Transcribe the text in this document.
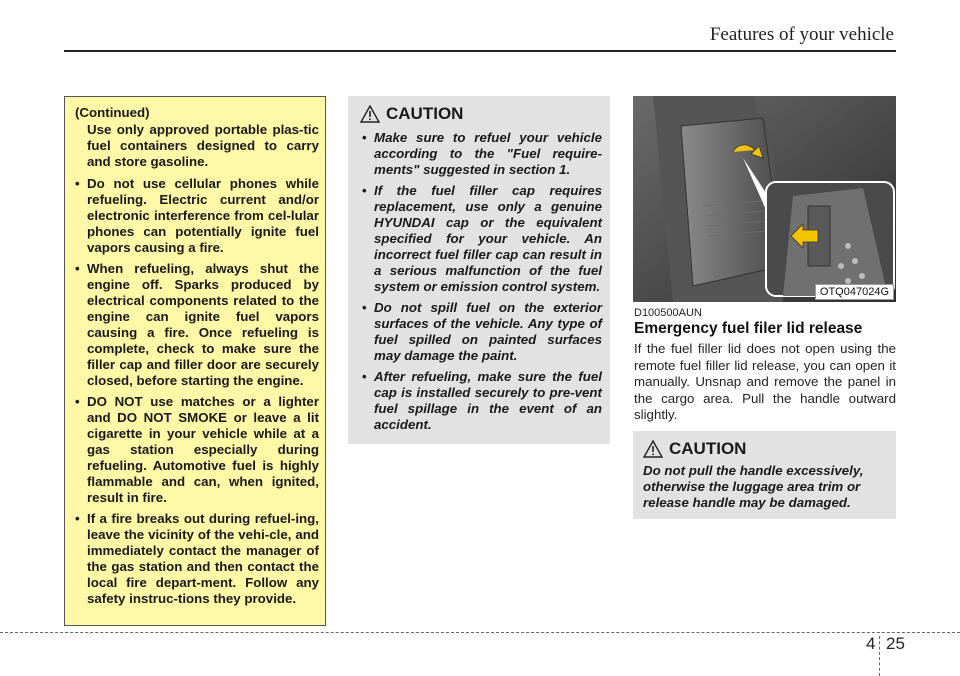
Features of your vehicle
(Continued)
Use only approved portable plas-tic fuel containers designed to carry and store gasoline.
• Do not use cellular phones while refueling. Electric current and/or electronic interference from cel-lular phones can potentially ignite fuel vapors causing a fire.
• When refueling, always shut the engine off. Sparks produced by electrical components related to the engine can ignite fuel vapors causing a fire. Once refueling is complete, check to make sure the filler cap and filler door are securely closed, before starting the engine.
• DO NOT use matches or a lighter and DO NOT SMOKE or leave a lit cigarette in your vehicle while at a gas station especially during refueling. Automotive fuel is highly flammable and can, when ignited, result in fire.
• If a fire breaks out during refuel-ing, leave the vicinity of the vehi-cle, and immediately contact the manager of the gas station and then contact the local fire depart-ment. Follow any safety instruc-tions they provide.
CAUTION
• Make sure to refuel your vehicle according to the "Fuel require-ments" suggested in section 1.
• If the fuel filler cap requires replacement, use only a genuine HYUNDAI cap or the equivalent specified for your vehicle. An incorrect fuel filler cap can result in a serious malfunction of the fuel system or emission control system.
• Do not spill fuel on the exterior surfaces of the vehicle. Any type of fuel spilled on painted surfaces may damage the paint.
• After refueling, make sure the fuel cap is installed securely to pre-vent fuel spillage in the event of an accident.
OTQ047024G
D100500AUN
Emergency fuel filer lid release

If the fuel filler lid does not open using the remote fuel filler lid release, you can open it manually. Unsnap and remove the panel in the cargo area. Pull the handle outward slightly.

CAUTION

Do not pull the handle excessively, otherwise the luggage area trim or release handle may be damaged.

4 25
